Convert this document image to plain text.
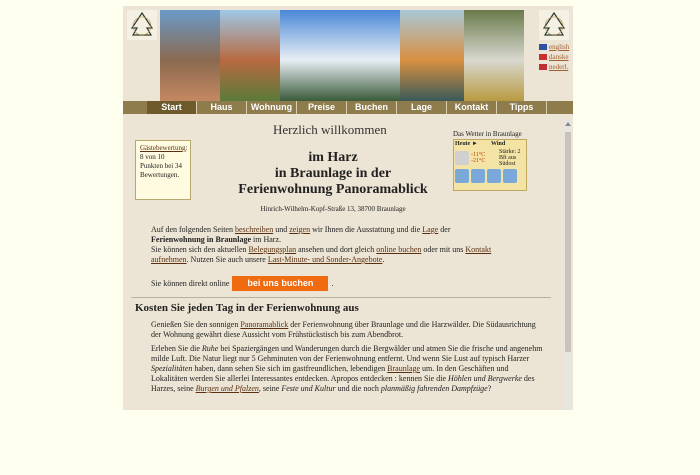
english
danske
nederl.
Start	Haus	Wohnung	Preise	Buchen	Lage	Kontakt	Tipps
Herzlich willkommen
Gästebewertung:
8 von 10 Punkten bei 34 Bewertungen.
im Harz
in Braunlage in der
Ferienwohnung Panoramablick
Hinrich-Wilhelm-Kopf-Straße 13, 38700 Braunlage
Das Wetter in Braunlage
Heute ►	Wind
-11°C
-21°C
Stärke: 2 Bft aus Südost
Auf den folgenden Seiten beschreiben und zeigen wir Ihnen die Ausstattung und die Lage der
Ferienwohnung in Braunlage im Harz.
Sie können sich den aktuellen Belegungsplan ansehen und dort gleich online buchen oder mit uns Kontakt aufnehmen. Nutzen Sie auch unsere Last-Minute- und Sonder-Angebote.
Sie können direkt online	bei uns buchen	.
Kosten Sie jeden Tag in der Ferienwohnung aus
Genießen Sie den sonnigen Panoramablick der Ferienwohnung über Braunlage und die Harzwälder. Die Südausrichtung der Wohnung gewährt diese Aussicht vom Frühstückstisch bis zum Abendbrot.
Erleben Sie die Ruhe bei Spaziergängen und Wanderungen durch die Bergwälder und atmen Sie die frische und angenehm milde Luft. Die Natur liegt nur 5 Gehminuten von der Ferienwohnung entfernt. Und wenn Sie Lust auf typisch Harzer Spezialitäten haben, dann sehen Sie sich im gastfreundlichen, lebendigen Braunlage um. In den Geschäften und Lokalitäten werden Sie allerlei Interessantes entdecken. Apropos entdecken : kennen Sie die Höhlen und Bergwerke des Harzes, seine Burgen und Pfalzen, seine Feste und Kultur und die noch planmäßig fahrenden Dampfzüge?
